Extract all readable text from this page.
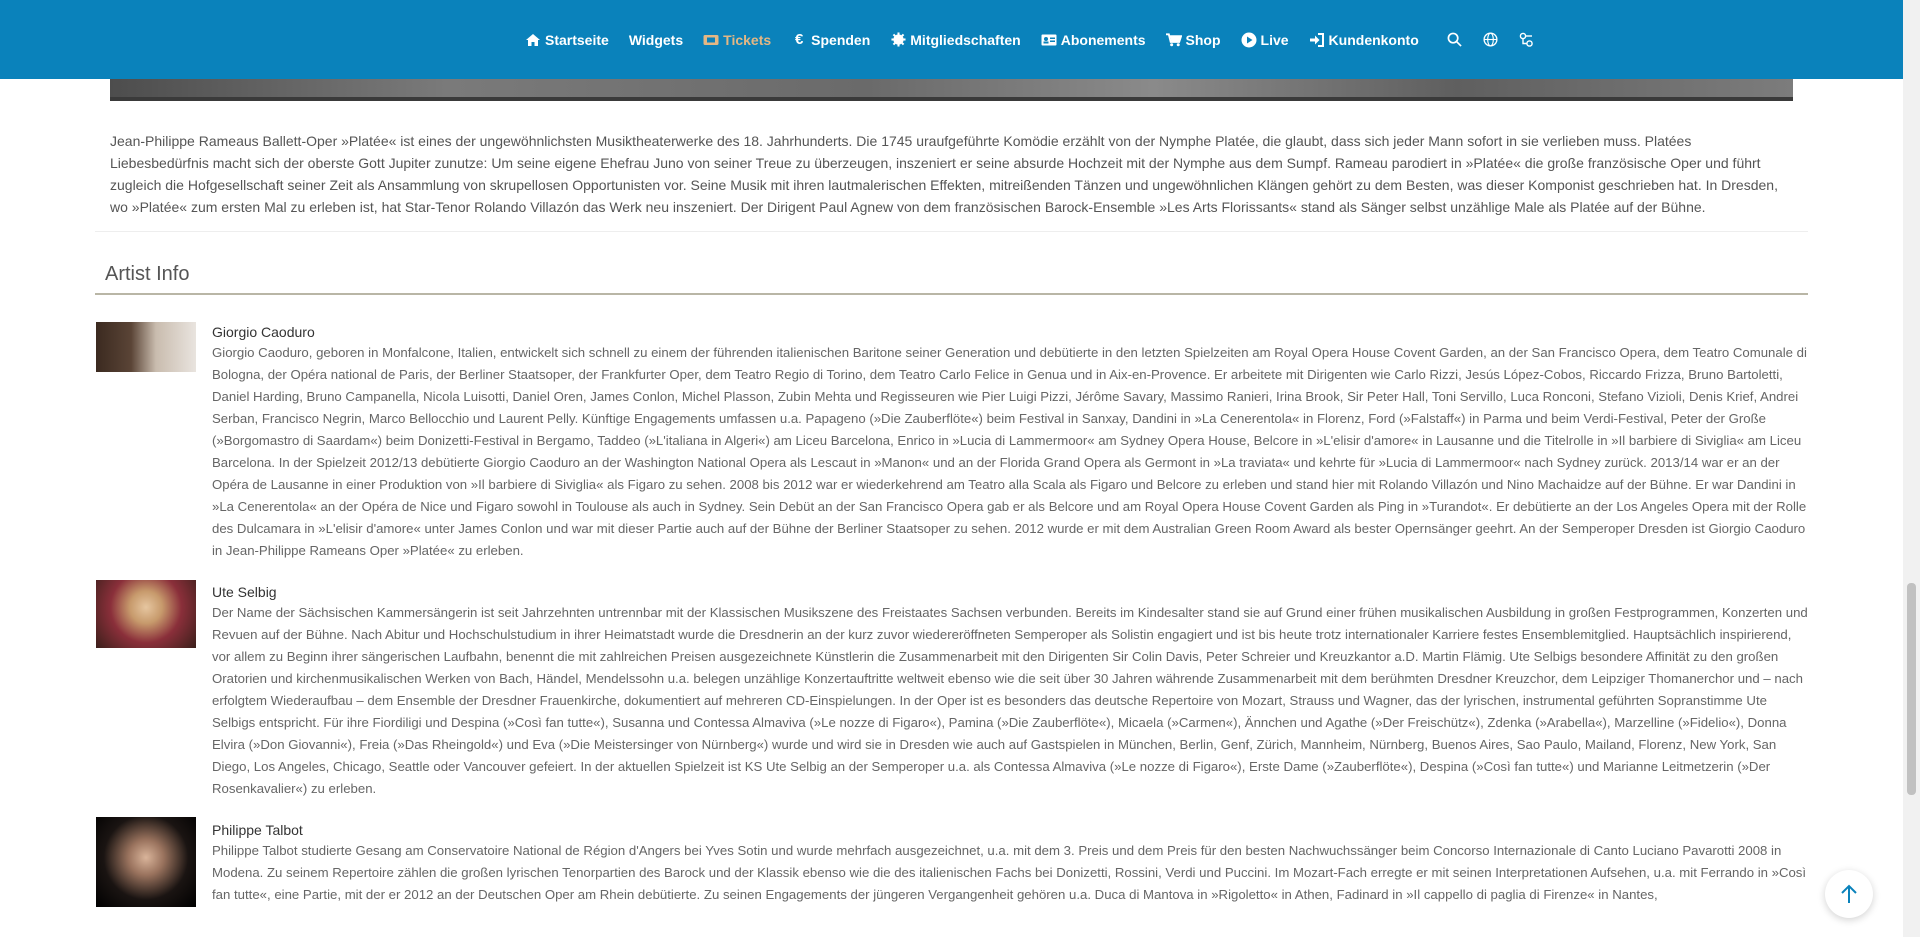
Startseite Widgets	Tickets € Spenden	Mitgliedschaften	Abonements	Shop	Live	Kundenkonto

Jean-Philippe Rameaus Ballett-Oper »Platée« ist eines der ungewöhnlichsten Musiktheaterwerke des 18. Jahrhunderts. Die 1745 uraufgeführte Komödie erzählt von der Nymphe Platée, die glaubt, dass sich jeder Mann sofort in sie verlieben muss. Platées Liebesbedürfnis macht sich der oberste Gott Jupiter zunutze: Um seine eigene Ehefrau Juno von seiner Treue zu überzeugen, inszeniert er seine absurde Hochzeit mit der Nymphe aus dem Sumpf. Rameau parodiert in »Platée« die große französische Oper und führt zugleich die Hofgesellschaft seiner Zeit als Ansammlung von skrupellosen Opportunisten vor. Seine Musik mit ihren lautmalerischen Effekten, mitreißenden Tänzen und ungewöhnlichen Klängen gehört zu dem Besten, was dieser Komponist geschrieben hat. In Dresden, wo »Platée« zum ersten Mal zu erleben ist, hat Star-Tenor Rolando Villazón das Werk neu inszeniert. Der Dirigent Paul Agnew von dem französischen Barock-Ensemble »Les Arts Florissants« stand als Sänger selbst unzählige Male als Platée auf der Bühne.

Artist Info
Giorgio Caoduro

Giorgio Caoduro, geboren in Monfalcone, Italien, entwickelt sich schnell zu einem der führenden italienischen Baritone seiner Generation und debütierte in den letzten Spielzeiten am Royal Opera House Covent Garden, an der San Francisco Opera, dem Teatro Comunale di Bologna, der Opéra national de Paris, der Berliner Staatsoper, der Frankfurter Oper, dem Teatro Regio di Torino, dem Teatro Carlo Felice in Genua und in Aix-en-Provence. Er arbeitete mit Dirigenten wie Carlo Rizzi, Jesús López-Cobos, Riccardo Frizza, Bruno Bartoletti, Daniel Harding, Bruno Campanella, Nicola Luisotti, Daniel Oren, James Conlon, Michel Plasson, Zubin Mehta und Regisseuren wie Pier Luigi Pizzi, Jérôme Savary, Massimo Ranieri, Irina Brook, Sir Peter Hall, Toni Servillo, Luca Ronconi, Stefano Vizioli, Denis Krief, Andrei Serban, Francisco Negrin, Marco Bellocchio und Laurent Pelly. Künftige Engagements umfassen u.a. Papageno (»Die Zauberflöte«) beim Festival in Sanxay, Dandini in »La Cenerentola« in Florenz, Ford (»Falstaff«) in Parma und beim Verdi-Festival, Peter der Große (»Borgomastro di Saardam«) beim Donizetti-Festival in Bergamo, Taddeo (»L'italiana in Algeri«) am Liceu Barcelona, Enrico in »Lucia di Lammermoor« am Sydney Opera House, Belcore in »L'elisir d'amore« in Lausanne und die Titelrolle in »Il barbiere di Siviglia« am Liceu Barcelona. In der Spielzeit 2012/13 debütierte Giorgio Caoduro an der Washington National Opera als Lescaut in »Manon« und an der Florida Grand Opera als Germont in »La traviata« und kehrte für »Lucia di Lammermoor« nach Sydney zurück. 2013/14 war er an der Opéra de Lausanne in einer Produktion von »Il barbiere di Siviglia« als Figaro zu sehen. 2008 bis 2012 war er wiederkehrend am Teatro alla Scala als Figaro und Belcore zu erleben und stand hier mit Rolando Villazón und Nino Machaidze auf der Bühne. Er war Dandini in »La Cenerentola« an der Opéra de Nice und Figaro sowohl in Toulouse als auch in Sydney. Sein Debüt an der San Francisco Opera gab er als Belcore und am Royal Opera House Covent Garden als Ping in »Turandot«. Er debütierte an der Los Angeles Opera mit der Rolle des Dulcamara in »L'elisir d'amore« unter James Conlon und war mit dieser Partie auch auf der Bühne der Berliner Staatsoper zu sehen. 2012 wurde er mit dem Australian Green Room Award als bester Opernsänger geehrt. An der Semperoper Dresden ist Giorgio Caoduro in Jean-Philippe Rameans Oper »Platée« zu erleben.

Ute Selbig

Der Name der Sächsischen Kammersängerin ist seit Jahrzehnten untrennbar mit der Klassischen Musikszene des Freistaates Sachsen verbunden. Bereits im Kindesalter stand sie auf Grund einer frühen musikalischen Ausbildung in großen Festprogrammen, Konzerten und Revuen auf der Bühne. Nach Abitur und Hochschulstudium in ihrer Heimatstadt wurde die Dresdnerin an der kurz zuvor wiedereröffneten Semperoper als Solistin engagiert und ist bis heute trotz internationaler Karriere festes Ensemblemitglied. Hauptsächlich inspirierend, vor allem zu Beginn ihrer sängerischen Laufbahn, benennt die mit zahlreichen Preisen ausgezeichnete Künstlerin die Zusammenarbeit mit den Dirigenten Sir Colin Davis, Peter Schreier und Kreuzkantor a.D. Martin Flämig. Ute Selbigs besondere Affinität zu den großen Oratorien und kirchenmusikalischen Werken von Bach, Händel, Mendelssohn u.a. belegen unzählige Konzertauftritte weltweit ebenso wie die seit über 30 Jahren währende Zusammenarbeit mit dem berühmten Dresdner Kreuzchor, dem Leipziger Thomanerchor und – nach erfolgtem Wiederaufbau – dem Ensemble der Dresdner Frauenkirche, dokumentiert auf mehreren CD-Einspielungen. In der Oper ist es besonders das deutsche Repertoire von Mozart, Strauss und Wagner, das der lyrischen, instrumental geführten Sopranstimme Ute Selbigs entspricht. Für ihre Fiordiligi und Despina (»Così fan tutte«), Susanna und Contessa Almaviva (»Le nozze di Figaro«), Pamina (»Die Zauberflöte«), Micaela (»Carmen«), Ännchen und Agathe (»Der Freischütz«), Zdenka (»Arabella«), Marzelline (»Fidelio«), Donna Elvira (»Don Giovanni«), Freia (»Das Rheingold«) und Eva (»Die Meistersinger von Nürnberg«) wurde und wird sie in Dresden wie auch auf Gastspielen in München, Berlin, Genf, Zürich, Mannheim, Nürnberg, Buenos Aires, Sao Paulo, Mailand, Florenz, New York, San Diego, Los Angeles, Chicago, Seattle oder Vancouver gefeiert. In der aktuellen Spielzeit ist KS Ute Selbig an der Semperoper u.a. als Contessa Almaviva (»Le nozze di Figaro«), Erste Dame (»Zauberflöte«), Despina (»Così fan tutte«) und Marianne Leitmetzerin (»Der Rosenkavalier«) zu erleben.

Philippe Talbot

Philippe Talbot studierte Gesang am Conservatoire National de Région d'Angers bei Yves Sotin und wurde mehrfach ausgezeichnet, u.a. mit dem 3. Preis und dem Preis für den besten Nachwuchssänger beim Concorso Internazionale di Canto Luciano Pavarotti 2008 in Modena. Zu seinem Repertoire zählen die großen lyrischen Tenorpartien des Barock und der Klassik ebenso wie die des italienischen Fachs bei Donizetti, Rossini, Verdi und Puccini. Im Mozart-Fach erregte er mit seinen Interpretationen Aufsehen, u.a. mit Ferrando in »Così fan tutte«, eine Partie, mit der er 2012 an der Deutschen Oper am Rhein debütierte. Zu seinen Engagements der jüngeren Vergangenheit gehören u.a. Duca di Mantova in »Rigoletto« in Athen, Fadinard in »Il cappello di paglia di Firenze« in Nantes,
